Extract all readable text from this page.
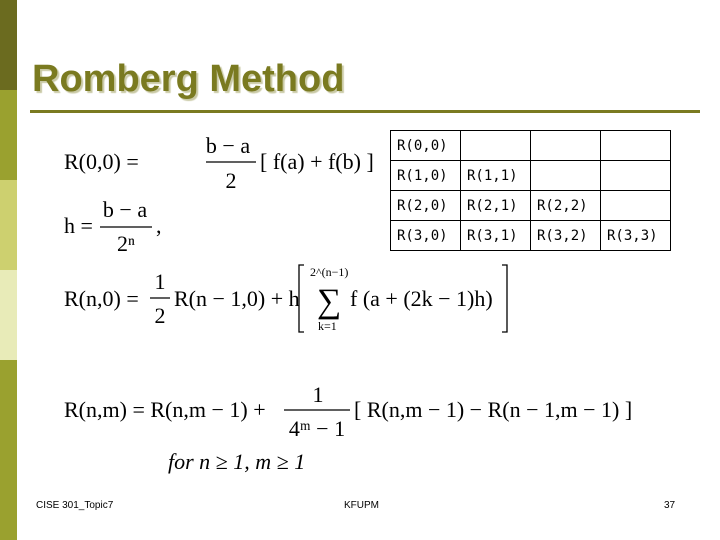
Romberg Method
R(0,0)			
R(1,0)	R(1,1)		
R(2,0)	R(2,1)	R(2,2)	
R(3,0)	R(3,1)	R(3,2)	R(3,3)
R(0,0) =
b − a
2
[ f(a) + f(b) ]
h =
b − a
2ⁿ
,
R(n,0) =
1
2
R(n − 1,0) + h
2^(n−1)
∑
k=1
f (a + (2k − 1)h)
R(n,m) = R(n,m − 1) +
1
4ᵐ − 1
[ R(n,m − 1) − R(n − 1,m − 1) ]
for n ≥ 1, m ≥ 1
CISE 301_Topic7	KFUPM	37
